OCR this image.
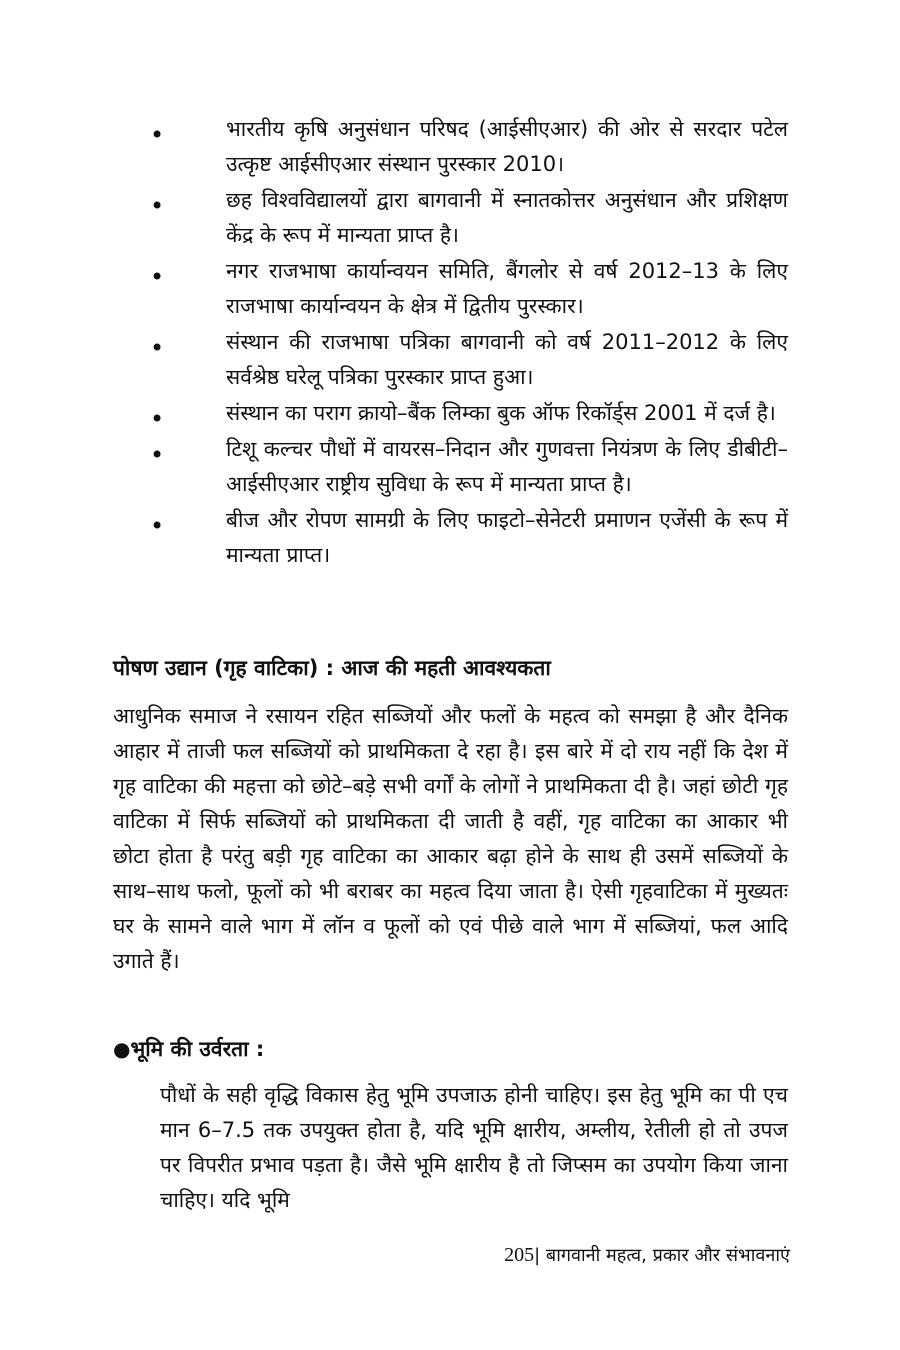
•	भारतीय कृषि अनुसंधान परिषद (आईसीएआर) की ओर से सरदार पटेल उत्कृष्ट आईसीएआर संस्थान पुरस्कार 2010।
•	छह विश्वविद्यालयों द्वारा बागवानी में स्नातकोत्तर अनुसंधान और प्रशिक्षण केंद्र के रूप में मान्यता प्राप्त है।
•	नगर राजभाषा कार्यान्वयन समिति, बैंगलोर से वर्ष 2012–13 के लिए राजभाषा कार्यान्वयन के क्षेत्र में द्वितीय पुरस्कार।
•	संस्थान की राजभाषा पत्रिका बागवानी को वर्ष 2011–2012 के लिए सर्वश्रेष्ठ घरेलू पत्रिका पुरस्कार प्राप्त हुआ।
•	संस्थान का पराग क्रायो–बैंक लिम्का बुक ऑफ रिकॉर्ड्स 2001 में दर्ज है।
•	टिशू कल्चर पौधों में वायरस–निदान और गुणवत्ता नियंत्रण के लिए डीबीटी–आईसीएआर राष्ट्रीय सुविधा के रूप में मान्यता प्राप्त है।
•	बीज और रोपण सामग्री के लिए फाइटो–सेनेटरी प्रमाणन एजेंसी के रूप में मान्यता प्राप्त।
पोषण उद्यान (गृह वाटिका) : आज की महती आवश्यकता
आधुनिक समाज ने रसायन रहित सब्जियों और फलों के महत्व को समझा है और दैनिक आहार में ताजी फल सब्जियों को प्राथमिकता दे रहा है। इस बारे में दो राय नहीं कि देश में गृह वाटिका की महत्ता को छोटे–बड़े सभी वर्गों के लोगों ने प्राथमिकता दी है। जहां छोटी गृह वाटिका में सिर्फ सब्जियों को प्राथमिकता दी जाती है वहीं, गृह वाटिका का आकार भी छोटा होता है परंतु बड़ी गृह वाटिका का आकार बढ़ा होने के साथ ही उसमें सब्जियों के साथ–साथ फलो, फूलों को भी बराबर का महत्व दिया जाता है। ऐसी गृहवाटिका में मुख्यतः घर के सामने वाले भाग में लॉन व फूलों को एवं पीछे वाले भाग में सब्जियां, फल आदि उगाते हैं।
●भूमि की उर्वरता :
पौधों के सही वृद्धि विकास हेतु भूमि उपजाऊ होनी चाहिए। इस हेतु भूमि का पी एच मान 6–7.5 तक उपयुक्त होता है, यदि भूमि क्षारीय, अम्लीय, रेतीली हो तो उपज पर विपरीत प्रभाव पड़ता है। जैसे भूमि क्षारीय है तो जिप्सम का उपयोग किया जाना चाहिए। यदि भूमि
205| बागवानी महत्व, प्रकार और संभावनाएं
